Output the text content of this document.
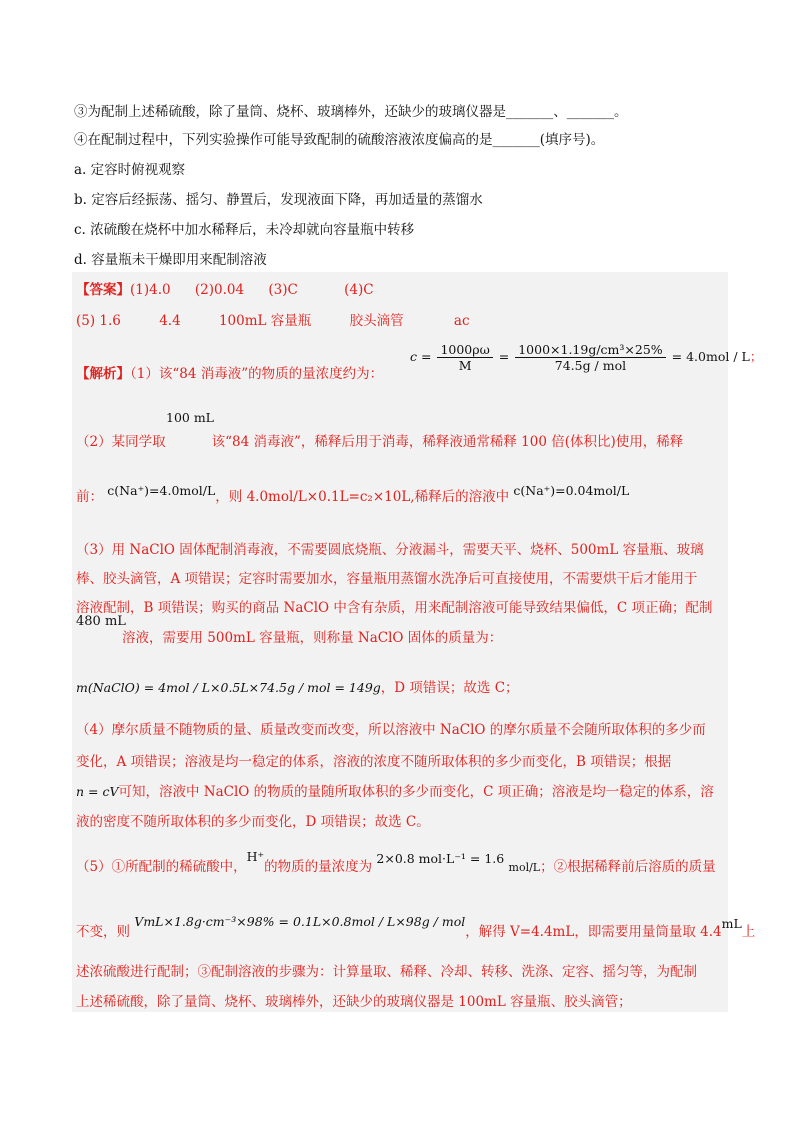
③为配制上述稀硫酸，除了量筒、烧杯、玻璃棒外，还缺少的玻璃仪器是_______、_______。
④在配制过程中，下列实验操作可能导致配制的硫酸溶液浓度偏高的是_______(填序号)。
a. 定容时俯视观察
b. 定容后经振荡、摇匀、静置后，发现液面下降，再加适量的蒸馏水
c. 浓硫酸在烧杯中加水稀释后，未冷却就向容量瓶中转移
d. 容量瓶未干燥即用来配制溶液
【答案】(1)4.0 (2)0.04 (3)C	(4)C
(5) 1.6	4.4	100mL 容量瓶	胶头滴管	ac
【解析】（1）该“84 消毒液”的物质的量浓度约为：
$c = \frac{1000\rho\omega}{M} = \frac{\text{1000×1.19g/cm³×25\%}}{\text{74.5g / mol}} = 4.0mol / L$；
100 mL
（2）某同学取	该“84 消毒液”，稀释后用于消毒，稀释液通常稀释 100 倍(体积比)使用，稀释
前： c(Na⁺)=4.0mol/L，则 4.0mol/L×0.1L=c₂×10L,稀释后的溶液中 c(Na⁺)=0.04mol/L
（3）用 NaClO 固体配制消毒液，不需要圆底烧瓶、分液漏斗，需要天平、烧杯、500mL 容量瓶、玻璃
棒、胶头滴管，A 项错误；定容时需要加水，容量瓶用蒸馏水洗净后可直接使用，不需要烘干后才能用于
溶液配制，B 项错误；购买的商品 NaClO 中含有杂质，用来配制溶液可能导致结果偏低，C 项正确；配制
480 mL
溶液，需要用 500mL 容量瓶，则称量 NaClO 固体的质量为：
m(NaClO) = 4mol / L×0.5L×74.5g / mol = 149g，D 项错误；故选 C；
（4）摩尔质量不随物质的量、质量改变而改变，所以溶液中 NaClO 的摩尔质量不会随所取体积的多少而
变化，A 项错误；溶液是均一稳定的体系，溶液的浓度不随所取体积的多少而变化，B 项错误；根据
n = cV可知，溶液中 NaClO 的物质的量随所取体积的多少而变化，C 项正确；溶液是均一稳定的体系，溶
液的密度不随所取体积的多少而变化，D 项错误；故选 C。
（5）①所配制的稀硫酸中，H⁺的物质的量浓度为 2×0.8 mol·L⁻¹ = 1.6 mol/L；②根据稀释前后溶质的质量
不变，则 VmL×1.8g·cm⁻³×98% = 0.1L×0.8mol / L×98g / mol，解得 V=4.4mL，即需要用量筒量取 4.4mL上
述浓硫酸进行配制；③配制溶液的步骤为：计算量取、稀释、冷却、转移、洗涤、定容、摇匀等，为配制
上述稀硫酸，除了量筒、烧杯、玻璃棒外，还缺少的玻璃仪器是 100mL 容量瓶、胶头滴管；
